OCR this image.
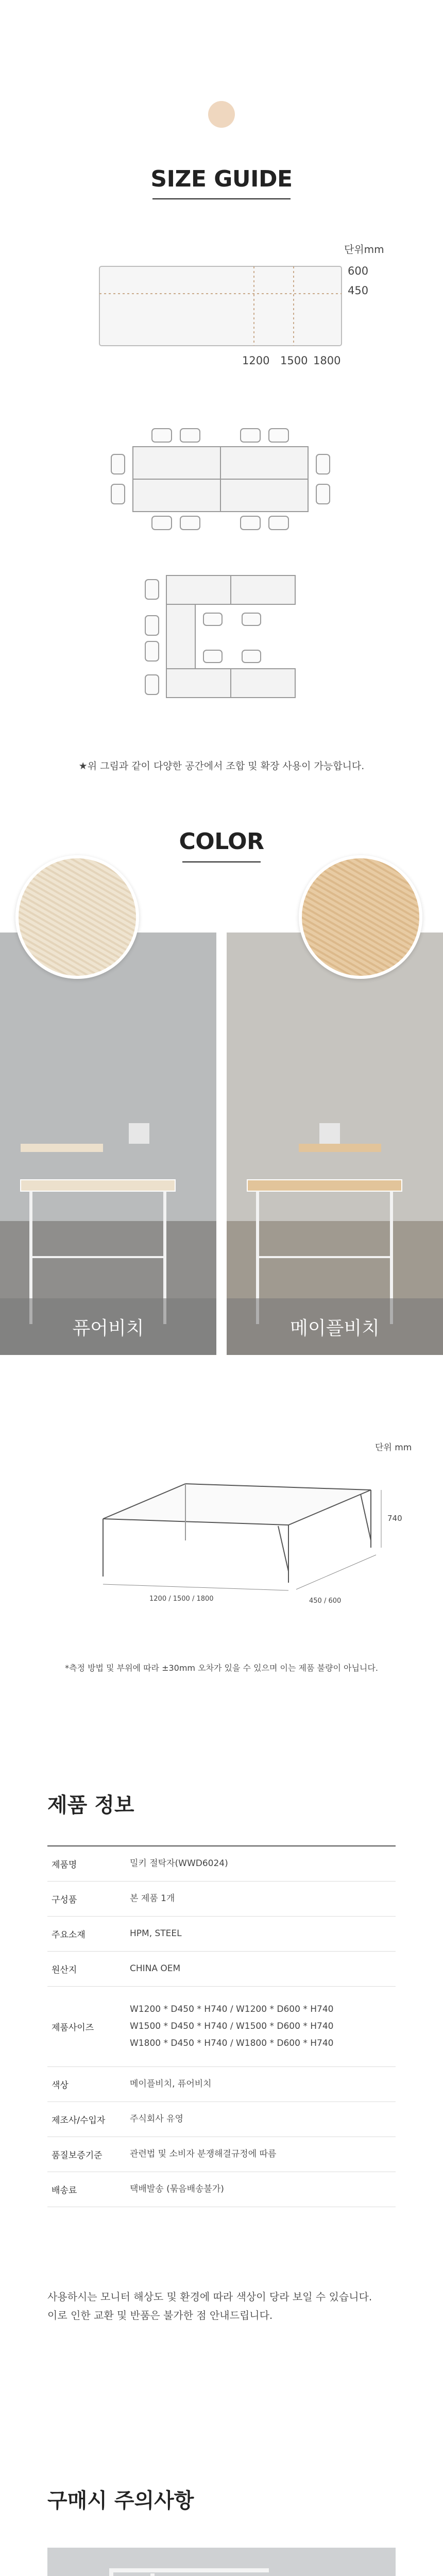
SIZE GUIDE
단위mm
600
450
1200 1500 1800
★위 그림과 같이 다양한 공간에서 조합 및 확장 사용이 가능합니다.
COLOR
퓨어비치	메이플비치
단위 mm
740
1200 / 1500 / 1800	450 / 600
*측정 방법 및 부위에 따라 ±30mm 오차가 있을 수 있으며 이는 제품 불량이 아닙니다.
제품 정보
제품명	밀키 절탁자(WWD6024)
구성품	본 제품 1개
주요소재	HPM, STEEL
원산지	CHINA OEM
제품사이즈
W1200 * D450 * H740 / W1200 * D600 * H740
W1500 * D450 * H740 / W1500 * D600 * H740
W1800 * D450 * H740 / W1800 * D600 * H740
색상	메이플비치, 퓨어비치
제조사/수입자	주식회사 유영
품질보증기준	관련법 및 소비자 분쟁해결규정에 따름
배송료	택배발송 (묶음배송불가)
사용하시는 모니터 해상도 및 환경에 따라 색상이 당라 보일 수 있습니다.
이로 인한 교환 및 반품은 불가한 점 안내드립니다.
구매시 주의사항
